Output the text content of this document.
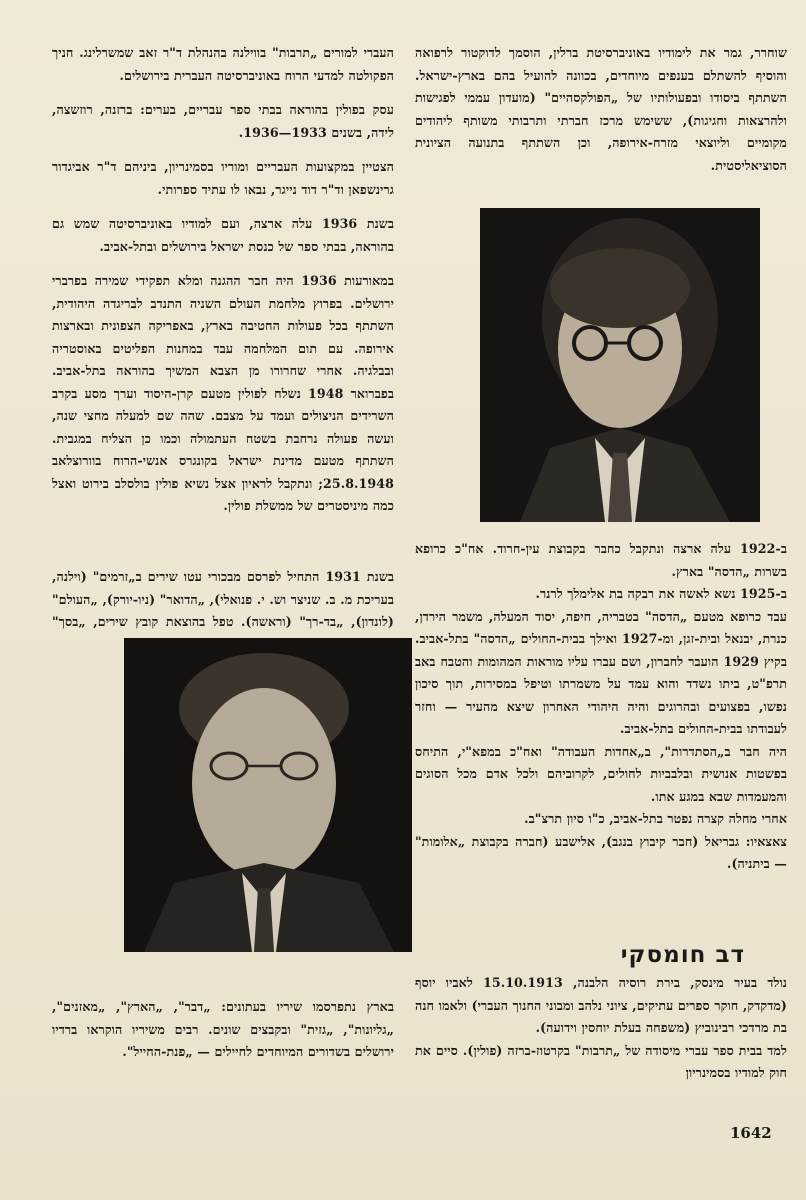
שוחרר, גמר את לימודיו באוניברסיטת ברלין, הוסמך לדוקטור לרפואה והוסיף להשתלם בענפים מיוחדים, בכוונה להועיל בהם בארץ-ישראל. השתתף ביסודו ובפעולותיו של „הפולקסהיים" (מועדון עממי לפגישות ולהרצאות וחגיגות), ששימש מרכז חברתי ותרבותי משותף ליהודים מקומיים וליוצאי מזרח-אירופה, וכן השתתף בתנועה הציונית הסוציאליסטית.

ב-1922 עלה ארצה ונתקבל כחבר בקבוצת עין-חרוד. אח"כ כרופא בשרות „הדסה" בארץ.

ב-1925 נשא לאשה את רבקה בת אלימלך לרנר.

עבד כרופא מטעם „הדסה" בטבריה, חיפה, יסוד המעלה, משמר הירדן, כנרת, יבנאל ובית-זגן, ומ-1927 ואילך בבית-החולים „הדסה" בתל-אביב. בקיץ 1929 הועבר לחברון, ושם עברו עליו מוראות המהומות והטבח באב תרפ"ט, ביתו נשדד והוא עמד על משמרתו וטיפל במסירות, תוך סיכון נפשו, בפצועים ובהרוגים והיה היהודי האחרון שיצא מהעיר — וחזר לעבודתו בבית-החולים בתל-אביב.

היה חבר ב„הסתדרות", ב„אחדות העבודה" ואח"כ במפא"י, התיחס בפשטות אנושית ובלבביות לחולים, לקרוביהם ולכל אדם מכל הסוגים והמעמדות שבא במגע אתו.

אחרי מחלה קצרה נפטר בתל-אביב, כ"ו סיון תרצ"ב.

צאצאיו: גבריאל (חבר קיבוץ בנגב), אלישבע (חברה בקבוצת „אלומות" — ביתניה).

העברי למורים „תרבות" בווילנה בהנהלת ד"ר זאב שמשרלינג. חניך הפקולטה למדעי הרוח באוניברסיטה העברית בירושלים.

עסק בפולין בהוראה בבתי ספר עבריים, בערים: ברזנה, רוזשצה, לידה, בשנים 1933—1936.

הצטיין במקצועות העבריים ומוריו בסמינריון, ביניהם ד"ר אביגדור גרינשפאן וד"ר דוד נייגר, נבאו לו עתיד ספרותי.

בשנת 1936 עלה ארצה, ועם למודיו באוניברסיטה שמש גם בהוראה, בבתי ספר של כנסת ישראל בירושלים ובתל-אביב.

במאורעות 1936 היה חבר ההגנה ומלא תפקידי שמירה בפרברי ירושלים. בפרוץ מלחמת העולם השניה התנדב לבריגדה היהודית, השתתף בכל פעולות החטיבה בארץ, באפריקה הצפונית ובארצות אירופה. עם תום המלחמה עבד במחנות הפליטים באוסטריה ובבלגיה. אחרי שחרורו מן הצבא המשיך בהוראה בתל-אביב. בפברואר 1948 נשלח לפולין מטעם קרן-היסוד וערך מסע בקרב השרידים הניצולים ועמד על מצבם. שהה שם למעלה מחצי שנה, ועשה פעולה נרחבת בשטח העתמולה וכמו כן הצליח במגבית. השתתף מטעם מדינת ישראל בקונגרס אנשי-הרוח בוורוצלאב 25.8.1948; ונתקבל לראיון אצל נשיא פולין בולסלב בירוט ואצל כמה מיניסטרים של ממשלת פולין.

בשנת 1931 התחיל לפרסם מבכורי עטו שירים ב„זרמים" (וילנה, בעריכת מ. ב. שניצר וש. י. פנואלי), „הדואר" (ניו-יורק), „העולם" (לונדון), „בד-רך" (וראשה). טפל בהוצאת קובץ שירים, „בסך"

בארץ נתפרסמו שיריו בעתונים: „דבר", „הארץ", „מאזנים", „גליונות", „גזית" ובקבצים שונים. רבים משיריו הוקראו ברדיו ירושלים בשדורים המיוחדים לחיילים — „פנת-החייל".

דב חומסקי

נולד בעיר מינסק, בירת רוסיה הלבנה, 15.10.1913 לאביו יוסף (מדקדק, חוקר ספרים עתיקים, ציוני נלהב ומבוני החנוך העברי) ולאמו חנה בת מרדכי רבינוביץ (משפחה בעלת יוחסין וידועה).

למד בבית ספר עברי מיסודה של „תרבות" בקרטוז-ברזה (פולין). סיים את חוק למודיו בסמינריון

1642
